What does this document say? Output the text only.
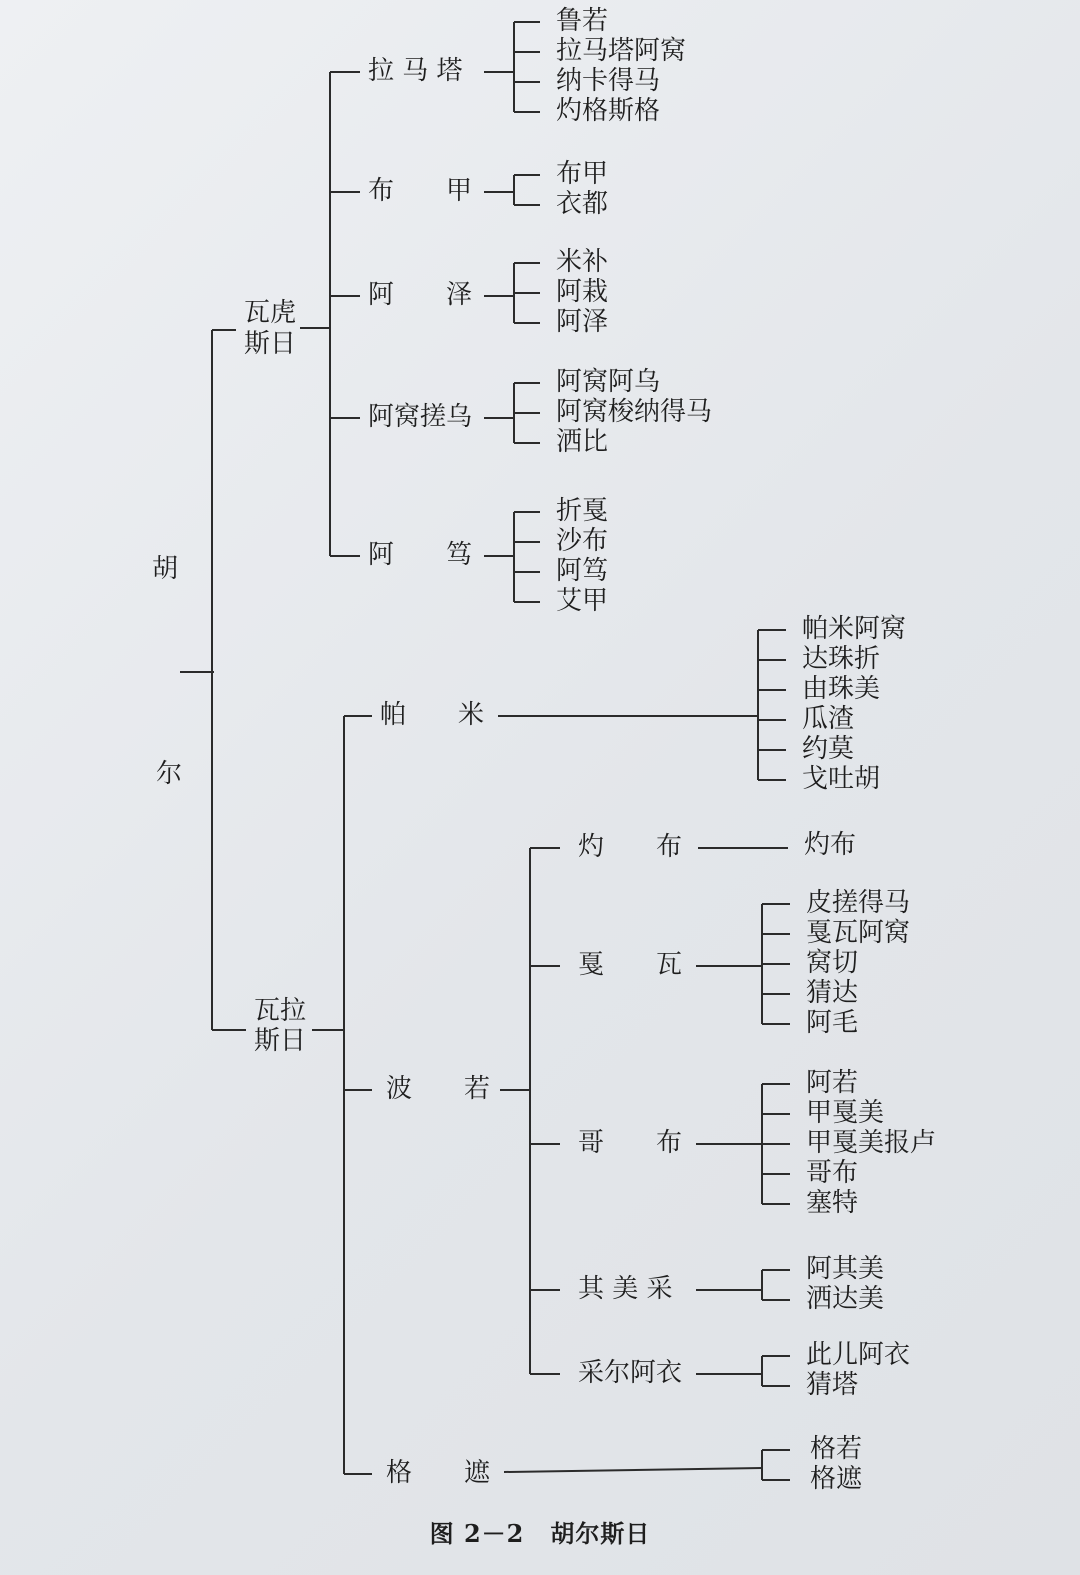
胡
尔
瓦虎
斯日
拉 马 塔
鲁若
拉马塔阿窝
纳卡得马
灼格斯格
布　　甲
布甲
衣都
阿　　泽
米补
阿栽
阿泽
阿窝搓乌
阿窝阿乌
阿窝梭纳得马
洒比
阿　　笃
折戛
沙布
阿笃
艾甲
瓦拉
斯日
帕　　米
帕米阿窝
达珠折
由珠美
瓜渣
约莫
戈吐胡
波　　若
灼　　布	灼布
戛　　瓦
皮搓得马
戛瓦阿窝
窝切
猜达
阿毛
哥　　布
阿若
甲戛美
甲戛美报卢
哥布
塞特
其 美 采
阿其美
洒达美
采尔阿衣
此儿阿衣
猜塔
格　　遮
格若
格遮
图 2－2 胡尔斯日
